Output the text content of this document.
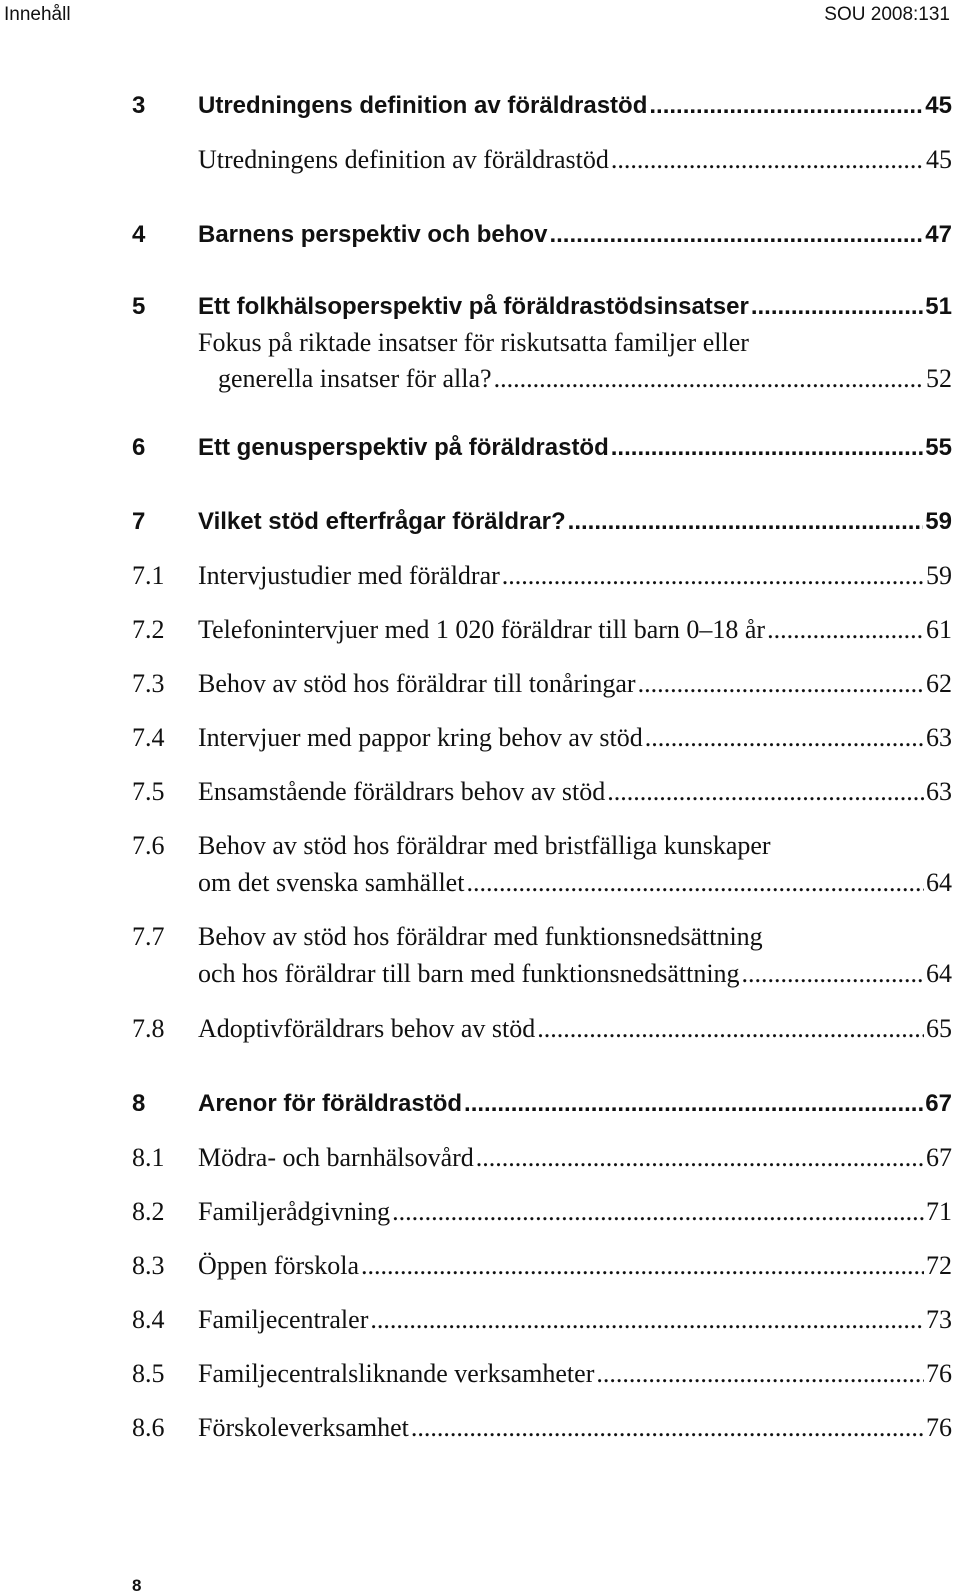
Innehåll	SOU 2008:131
3	Utredningens definition av föräldrastöd .....	45
Utredningens definition av föräldrastöd .....	45
4	Barnens perspektiv och behov .....	47
5	Ett folkhälsoperspektiv på föräldrastödsinsatser .....	51
Fokus på riktade insatser för riskutsatta familjer eller
generella insatser för alla? .....	52
6	Ett genusperspektiv på föräldrastöd .....	55
7	Vilket stöd efterfrågar föräldrar? .....	59
7.1	Intervjustudier med föräldrar .....	59
7.2	Telefonintervjuer med 1 020 föräldrar till barn 0–18 år .....	61
7.3	Behov av stöd hos föräldrar till tonåringar .....	62
7.4	Intervjuer med pappor kring behov av stöd .....	63
7.5	Ensamstående föräldrars behov av stöd .....	63
7.6	Behov av stöd hos föräldrar med bristfälliga kunskaper
om det svenska samhället .....	64
7.7	Behov av stöd hos föräldrar med funktionsnedsättning
och hos föräldrar till barn med funktionsnedsättning .....	64
7.8	Adoptivföräldrars behov av stöd .....	65
8	Arenor för föräldrastöd .....	67
8.1	Mödra- och barnhälsovård .....	67
8.2	Familjerådgivning .....	71
8.3	Öppen förskola .....	72
8.4	Familjecentraler .....	73
8.5	Familjecentralsliknande verksamheter .....	76
8.6	Förskoleverksamhet .....	76
8
